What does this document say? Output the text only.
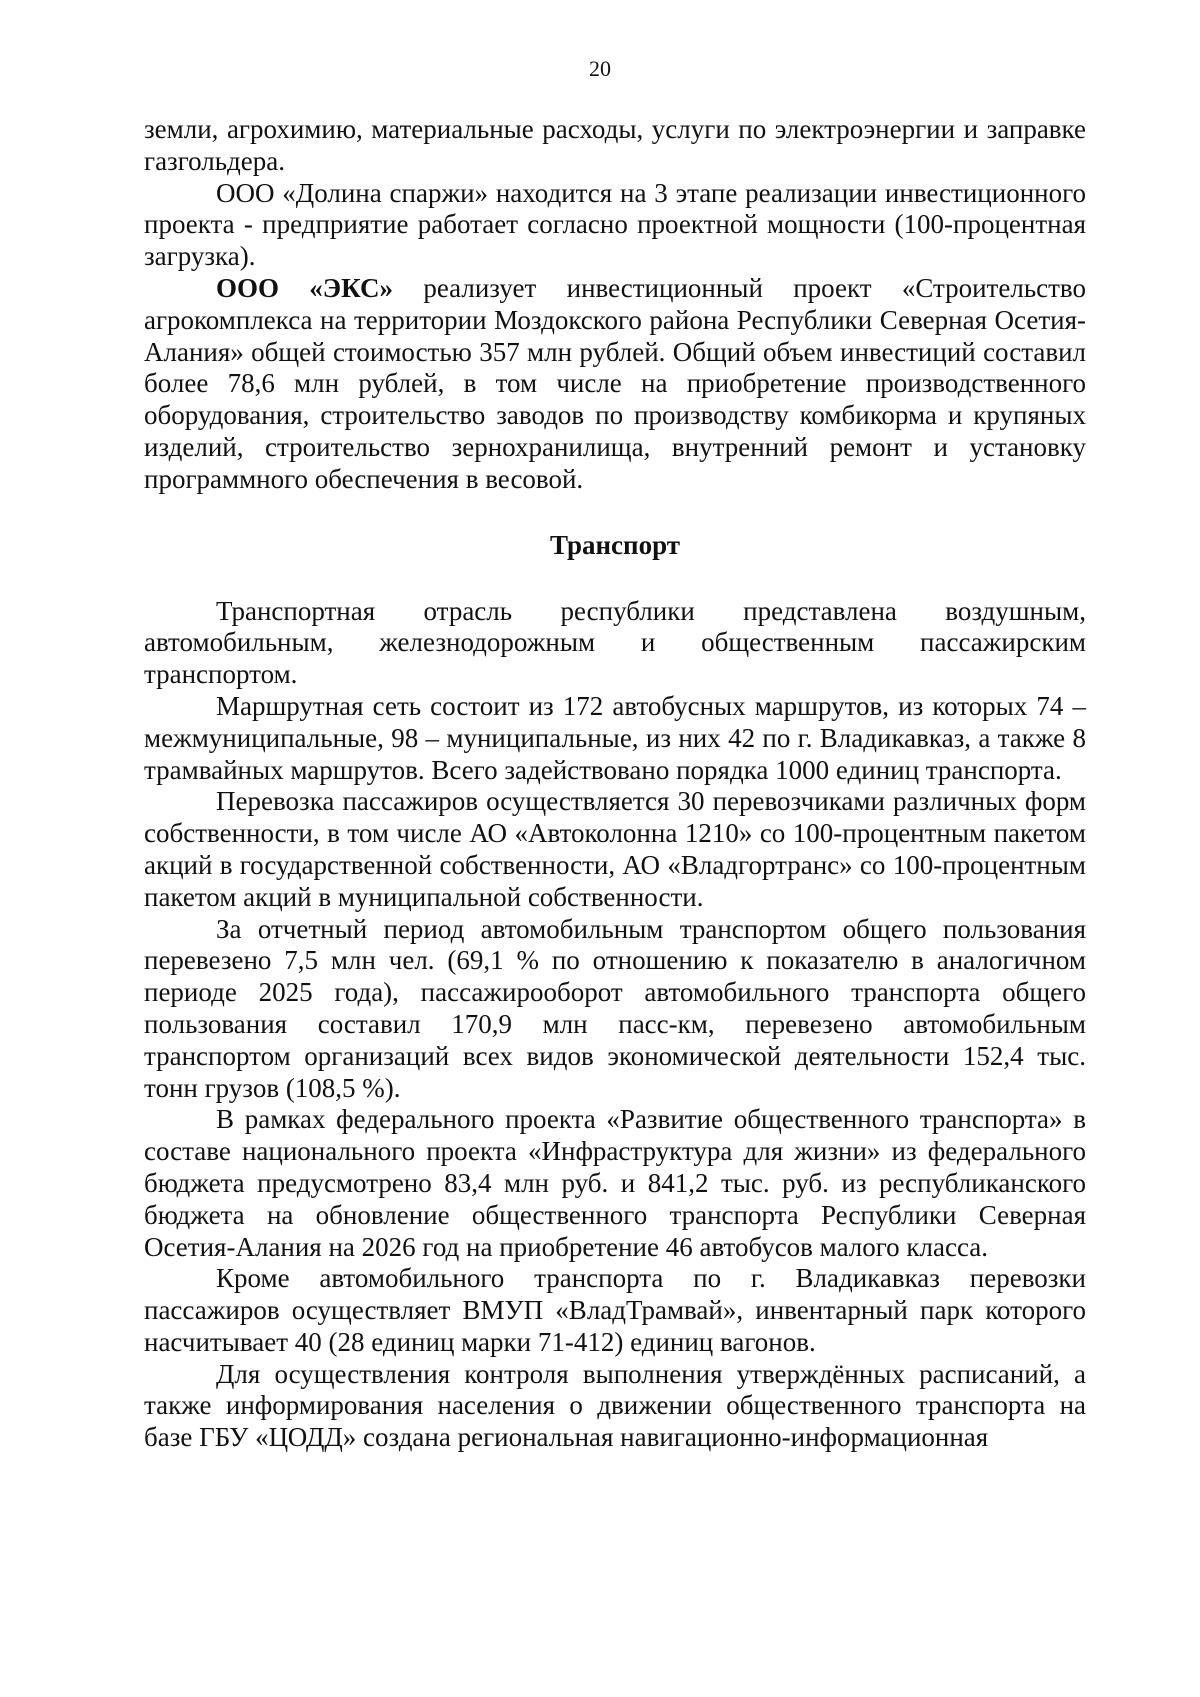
20

земли, агрохимию, материальные расходы, услуги по электроэнергии и заправке газгольдера.

ООО «Долина спаржи» находится на 3 этапе реализации инвестиционного проекта - предприятие работает согласно проектной мощности (100-процентная загрузка).

ООО «ЭКС» реализует инвестиционный проект «Строительство агрокомплекса на территории Моздокского района Республики Северная Осетия-Алания» общей стоимостью 357 млн рублей. Общий объем инвестиций составил более 78,6 млн рублей, в том числе на приобретение производственного оборудования, строительство заводов по производству комбикорма и крупяных изделий, строительство зернохранилища, внутренний ремонт и установку программного обеспечения в весовой.

Транспорт

Транспортная отрасль республики представлена воздушным, автомобильным, железнодорожным и общественным пассажирским транспортом.

Маршрутная сеть состоит из 172 автобусных маршрутов, из которых 74 – межмуниципальные, 98 – муниципальные, из них 42 по г. Владикавказ, а также 8 трамвайных маршрутов. Всего задействовано порядка 1000 единиц транспорта.

Перевозка пассажиров осуществляется 30 перевозчиками различных форм собственности, в том числе АО «Автоколонна 1210» со 100-процентным пакетом акций в государственной собственности, АО «Владгортранс» со 100-процентным пакетом акций в муниципальной собственности.

За отчетный период автомобильным транспортом общего пользования перевезено 7,5 млн чел. (69,1 % по отношению к показателю в аналогичном периоде 2025 года), пассажирооборот автомобильного транспорта общего пользования составил 170,9 млн пасс-км, перевезено автомобильным транспортом организаций всех видов экономической деятельности 152,4 тыс. тонн грузов (108,5 %).

В рамках федерального проекта «Развитие общественного транспорта» в составе национального проекта «Инфраструктура для жизни» из федерального бюджета предусмотрено 83,4 млн руб. и 841,2 тыс. руб. из республиканского бюджета на обновление общественного транспорта Республики Северная Осетия-Алания на 2026 год на приобретение 46 автобусов малого класса.

Кроме автомобильного транспорта по г. Владикавказ перевозки пассажиров осуществляет ВМУП «ВладТрамвай», инвентарный парк которого насчитывает 40 (28 единиц марки 71-412) единиц вагонов.

Для осуществления контроля выполнения утверждённых расписаний, а также информирования населения о движении общественного транспорта на базе ГБУ «ЦОДД» создана региональная навигационно-информационная
